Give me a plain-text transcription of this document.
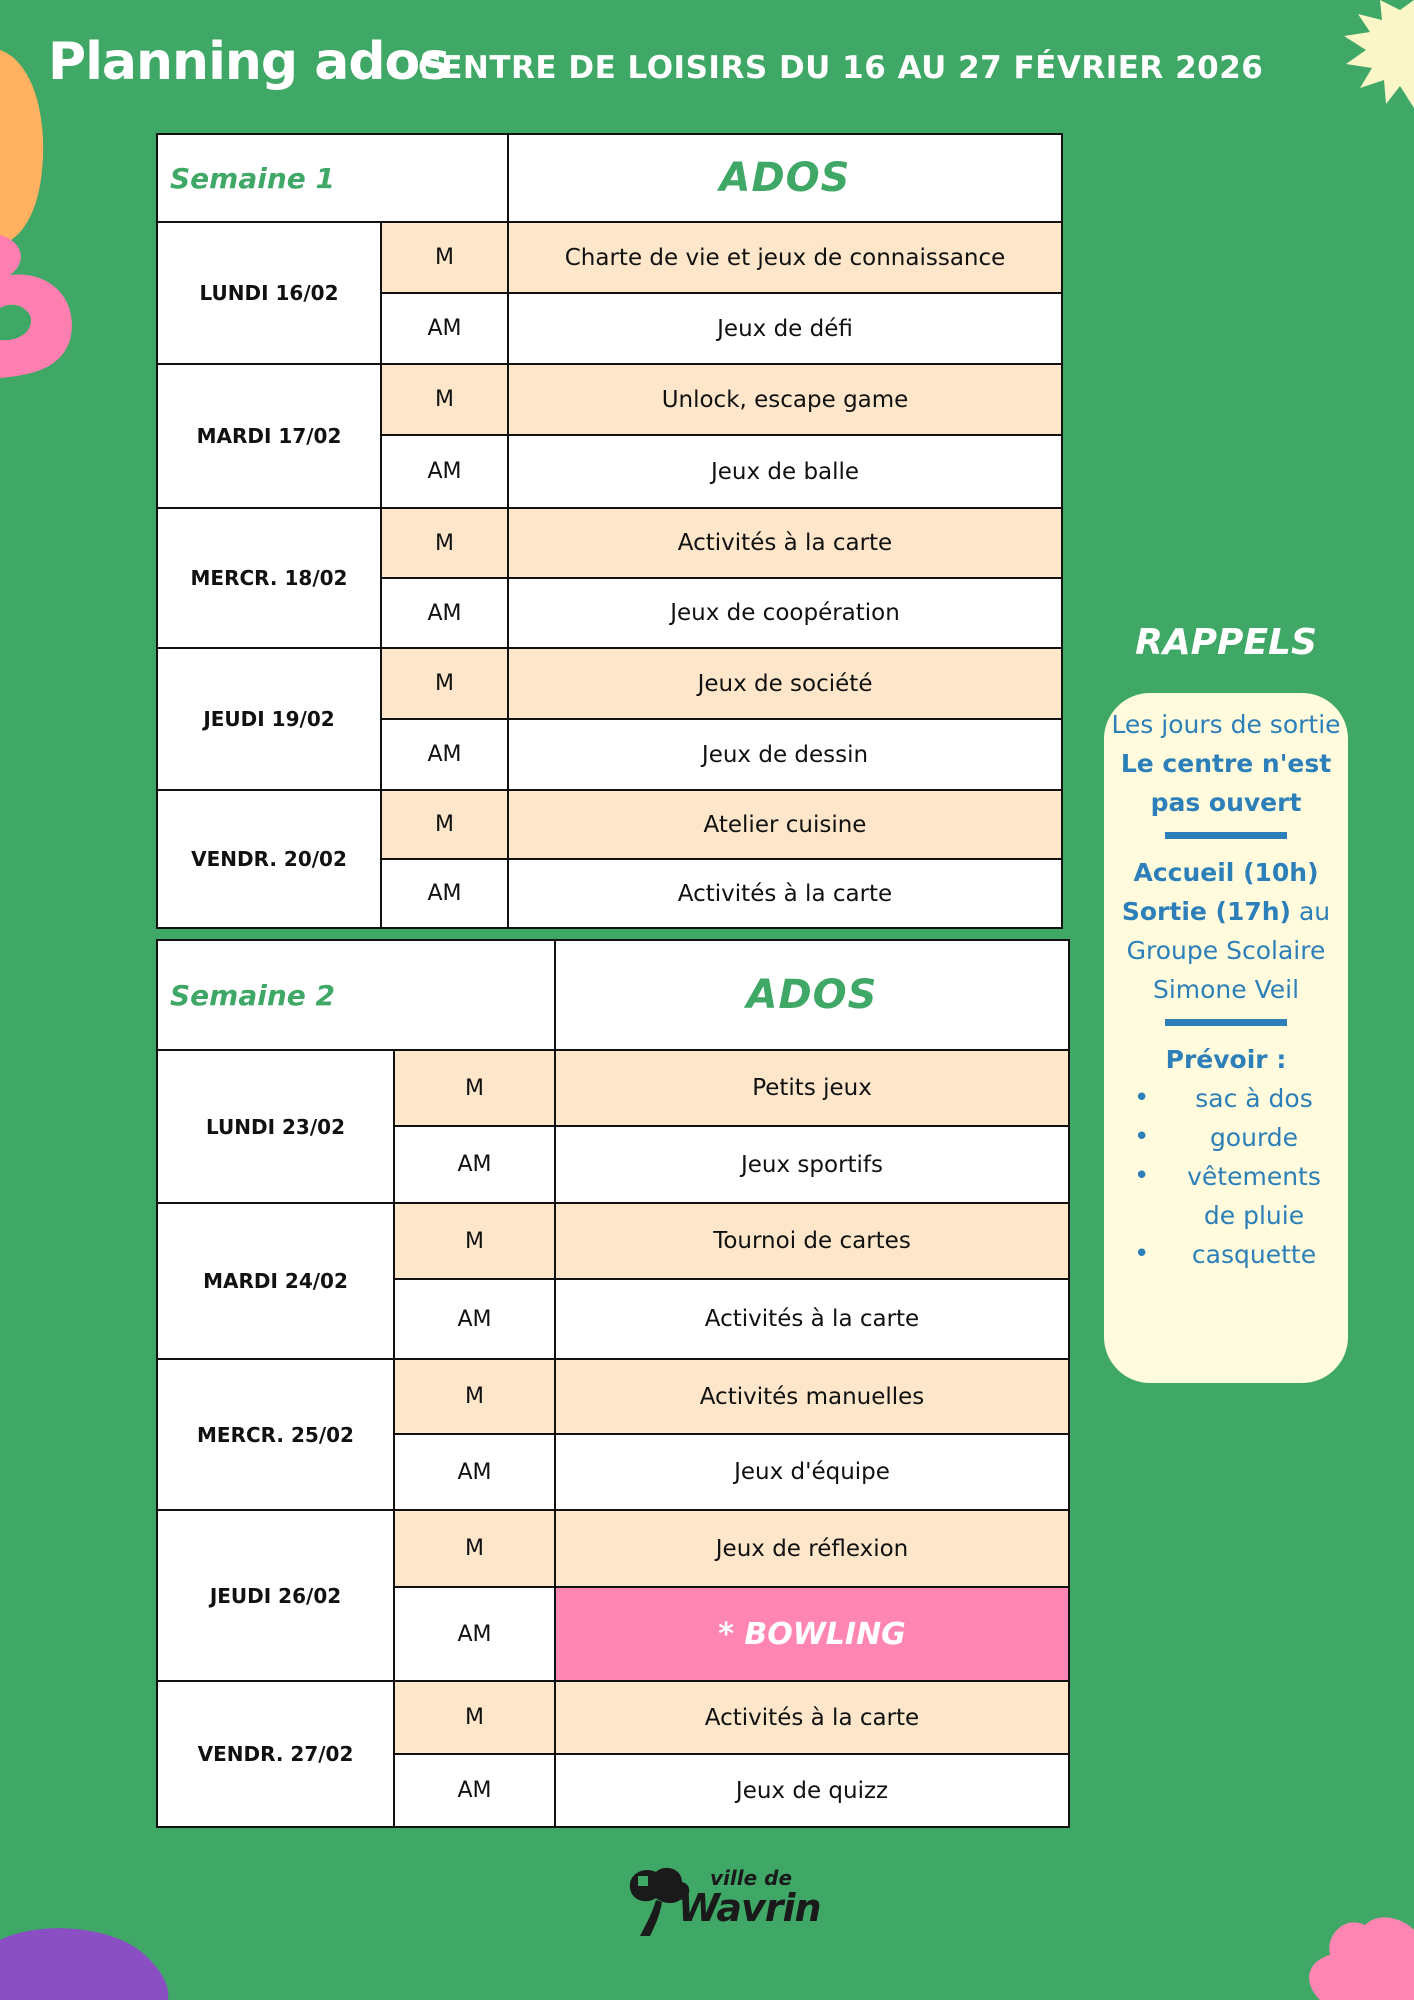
Planning ados
CENTRE DE LOISIRS DU 16 AU 27 FÉVRIER 2026
Semaine 1		ADOS
LUNDI 16/02	M	Charte de vie et jeux de connaissance
	AM	Jeux de défi
MARDI 17/02	M	Unlock, escape game
	AM	Jeux de balle
MERCR. 18/02	M	Activités à la carte
	AM	Jeux de coopération
JEUDI 19/02	M	Jeux de société
	AM	Jeux de dessin
VENDR. 20/02	M	Atelier cuisine
	AM	Activités à la carte
Semaine 2		ADOS
LUNDI 23/02	M	Petits jeux
	AM	Jeux sportifs
MARDI 24/02	M	Tournoi de cartes
	AM	Activités à la carte
MERCR. 25/02	M	Activités manuelles
	AM	Jeux d'équipe
JEUDI 26/02	M	Jeux de réflexion
	AM	* BOWLING
VENDR. 27/02	M	Activités à la carte
	AM	Jeux de quizz
RAPPELS
Les jours de sortie
Le centre n'est pas ouvert
Accueil (10h)
Sortie (17h) au Groupe Scolaire Simone Veil
Prévoir :
• sac à dos
• gourde
• vêtements de pluie
• casquette
ville de
Wavrin
